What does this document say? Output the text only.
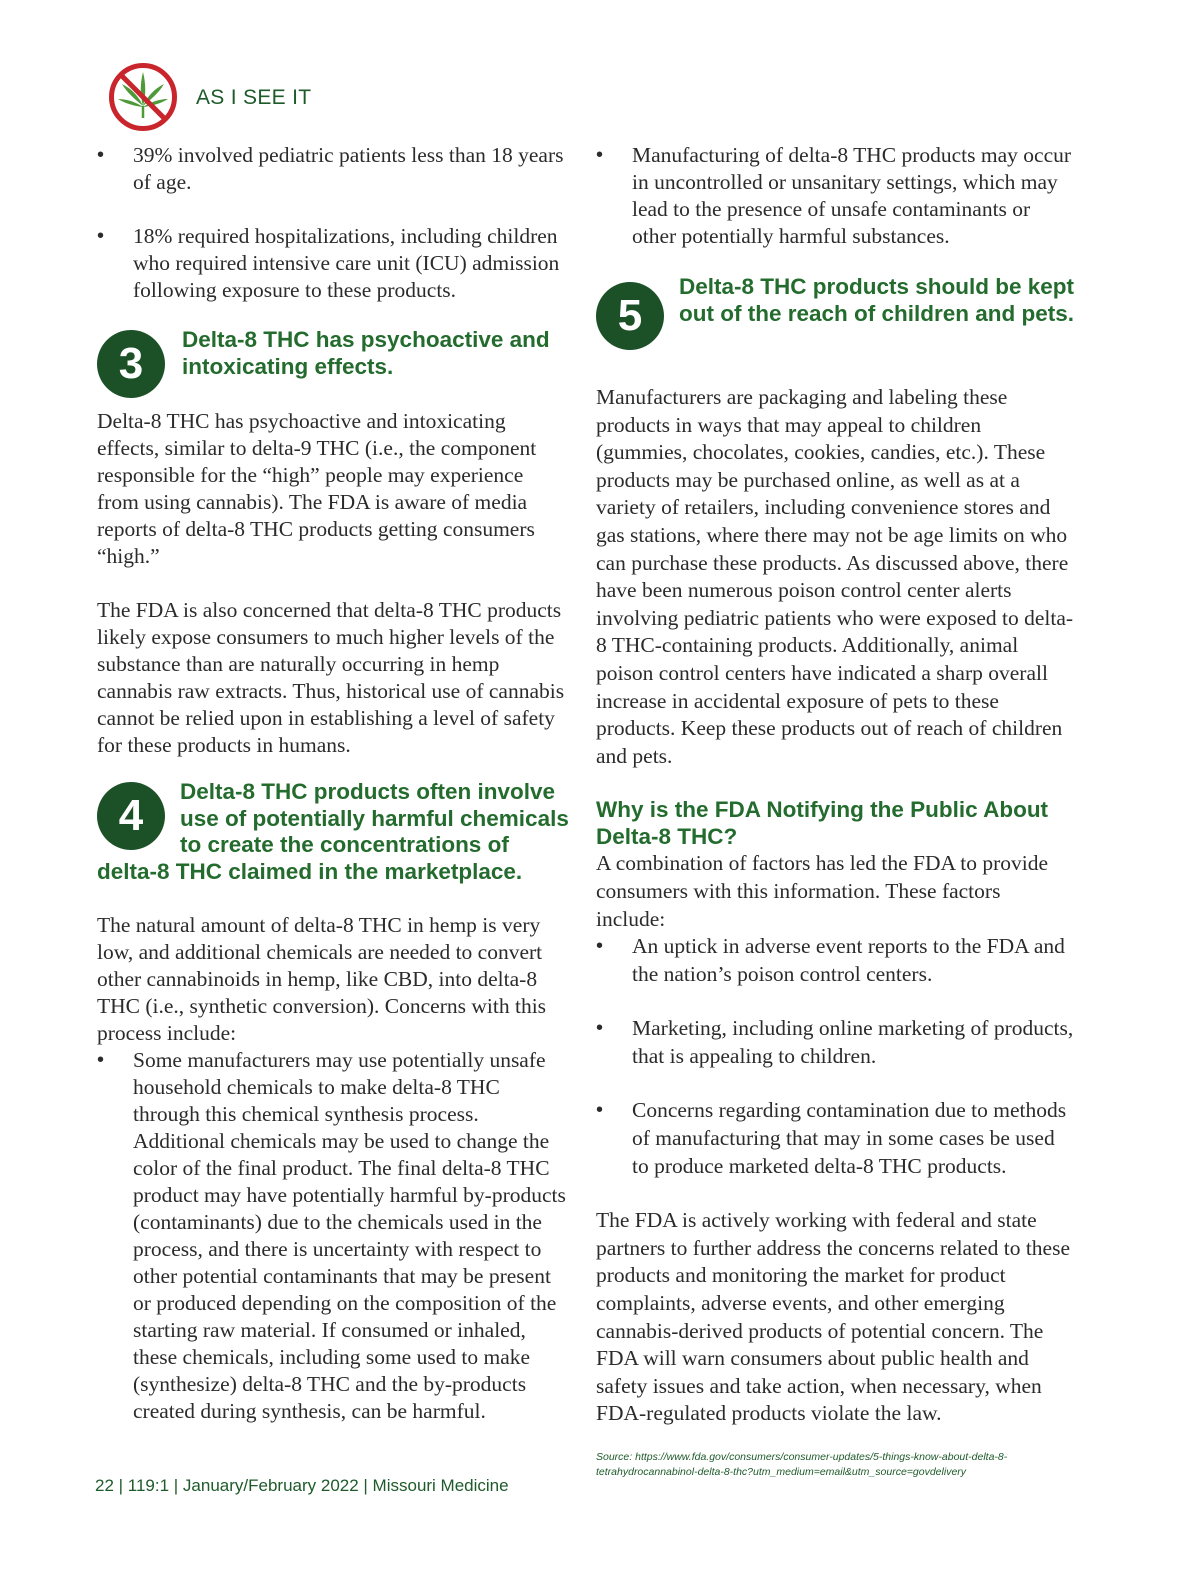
AS I SEE IT
• 39% involved pediatric patients less than 18 years of age.
• 18% required hospitalizations, including children who required intensive care unit (ICU) admission following exposure to these products.
3	Delta-8 THC has psychoactive and intoxicating effects.

Delta-8 THC has psychoactive and intoxicating effects, similar to delta-9 THC (i.e., the component responsible for the “high” people may experience from using cannabis). The FDA is aware of media reports of delta-8 THC products getting consumers “high.”

The FDA is also concerned that delta-8 THC products likely expose consumers to much higher levels of the substance than are naturally occurring in hemp cannabis raw extracts. Thus, historical use of cannabis cannot be relied upon in establishing a level of safety for these products in humans.

4	Delta-8 THC products often involve use of potentially harmful chemicals to create the concentrations of

delta-8 THC claimed in the marketplace.

The natural amount of delta-8 THC in hemp is very low, and additional chemicals are needed to convert other cannabinoids in hemp, like CBD, into delta-8 THC (i.e., synthetic conversion). Concerns with this process include:

• Some manufacturers may use potentially unsafe household chemicals to make delta-8 THC through this chemical synthesis process. Additional chemicals may be used to change the color of the final product. The final delta-8 THC product may have potentially harmful by-products (contaminants) due to the chemicals used in the process, and there is uncertainty with respect to other potential contaminants that may be present or produced depending on the composition of the starting raw material. If consumed or inhaled, these chemicals, including some used to make (synthesize) delta-8 THC and the by-products created during synthesis, can be harmful.
• Manufacturing of delta-8 THC products may occur in uncontrolled or unsanitary settings, which may lead to the presence of unsafe contaminants or other potentially harmful substances.
5

Delta-8 THC products should be kept out of the reach of children and pets.

Manufacturers are packaging and labeling these products in ways that may appeal to children (gummies, chocolates, cookies, candies, etc.). These products may be purchased online, as well as at a variety of retailers, including convenience stores and gas stations, where there may not be age limits on who can purchase these products. As discussed above, there have been numerous poison control center alerts involving pediatric patients who were exposed to delta-8 THC-containing products. Additionally, animal poison control centers have indicated a sharp overall increase in accidental exposure of pets to these products. Keep these products out of reach of children and pets.

Why is the FDA Notifying the Public About Delta-8 THC?

A combination of factors has led the FDA to provide consumers with this information. These factors include:

• An uptick in adverse event reports to the FDA and the nation’s poison control centers.
• Marketing, including online marketing of products, that is appealing to children.
• Concerns regarding contamination due to methods of manufacturing that may in some cases be used to produce marketed delta-8 THC products.

The FDA is actively working with federal and state partners to further address the concerns related to these products and monitoring the market for product complaints, adverse events, and other emerging cannabis-derived products of potential concern. The FDA will warn consumers about public health and safety issues and take action, when necessary, when FDA-regulated products violate the law.

Source: https://www.fda.gov/consumers/consumer-updates/5-things-know-about-delta-8-tetrahydrocannabinol-delta-8-thc?utm_medium=email&utm_source=govdelivery

22 | 119:1 | January/February 2022 | Missouri Medicine
